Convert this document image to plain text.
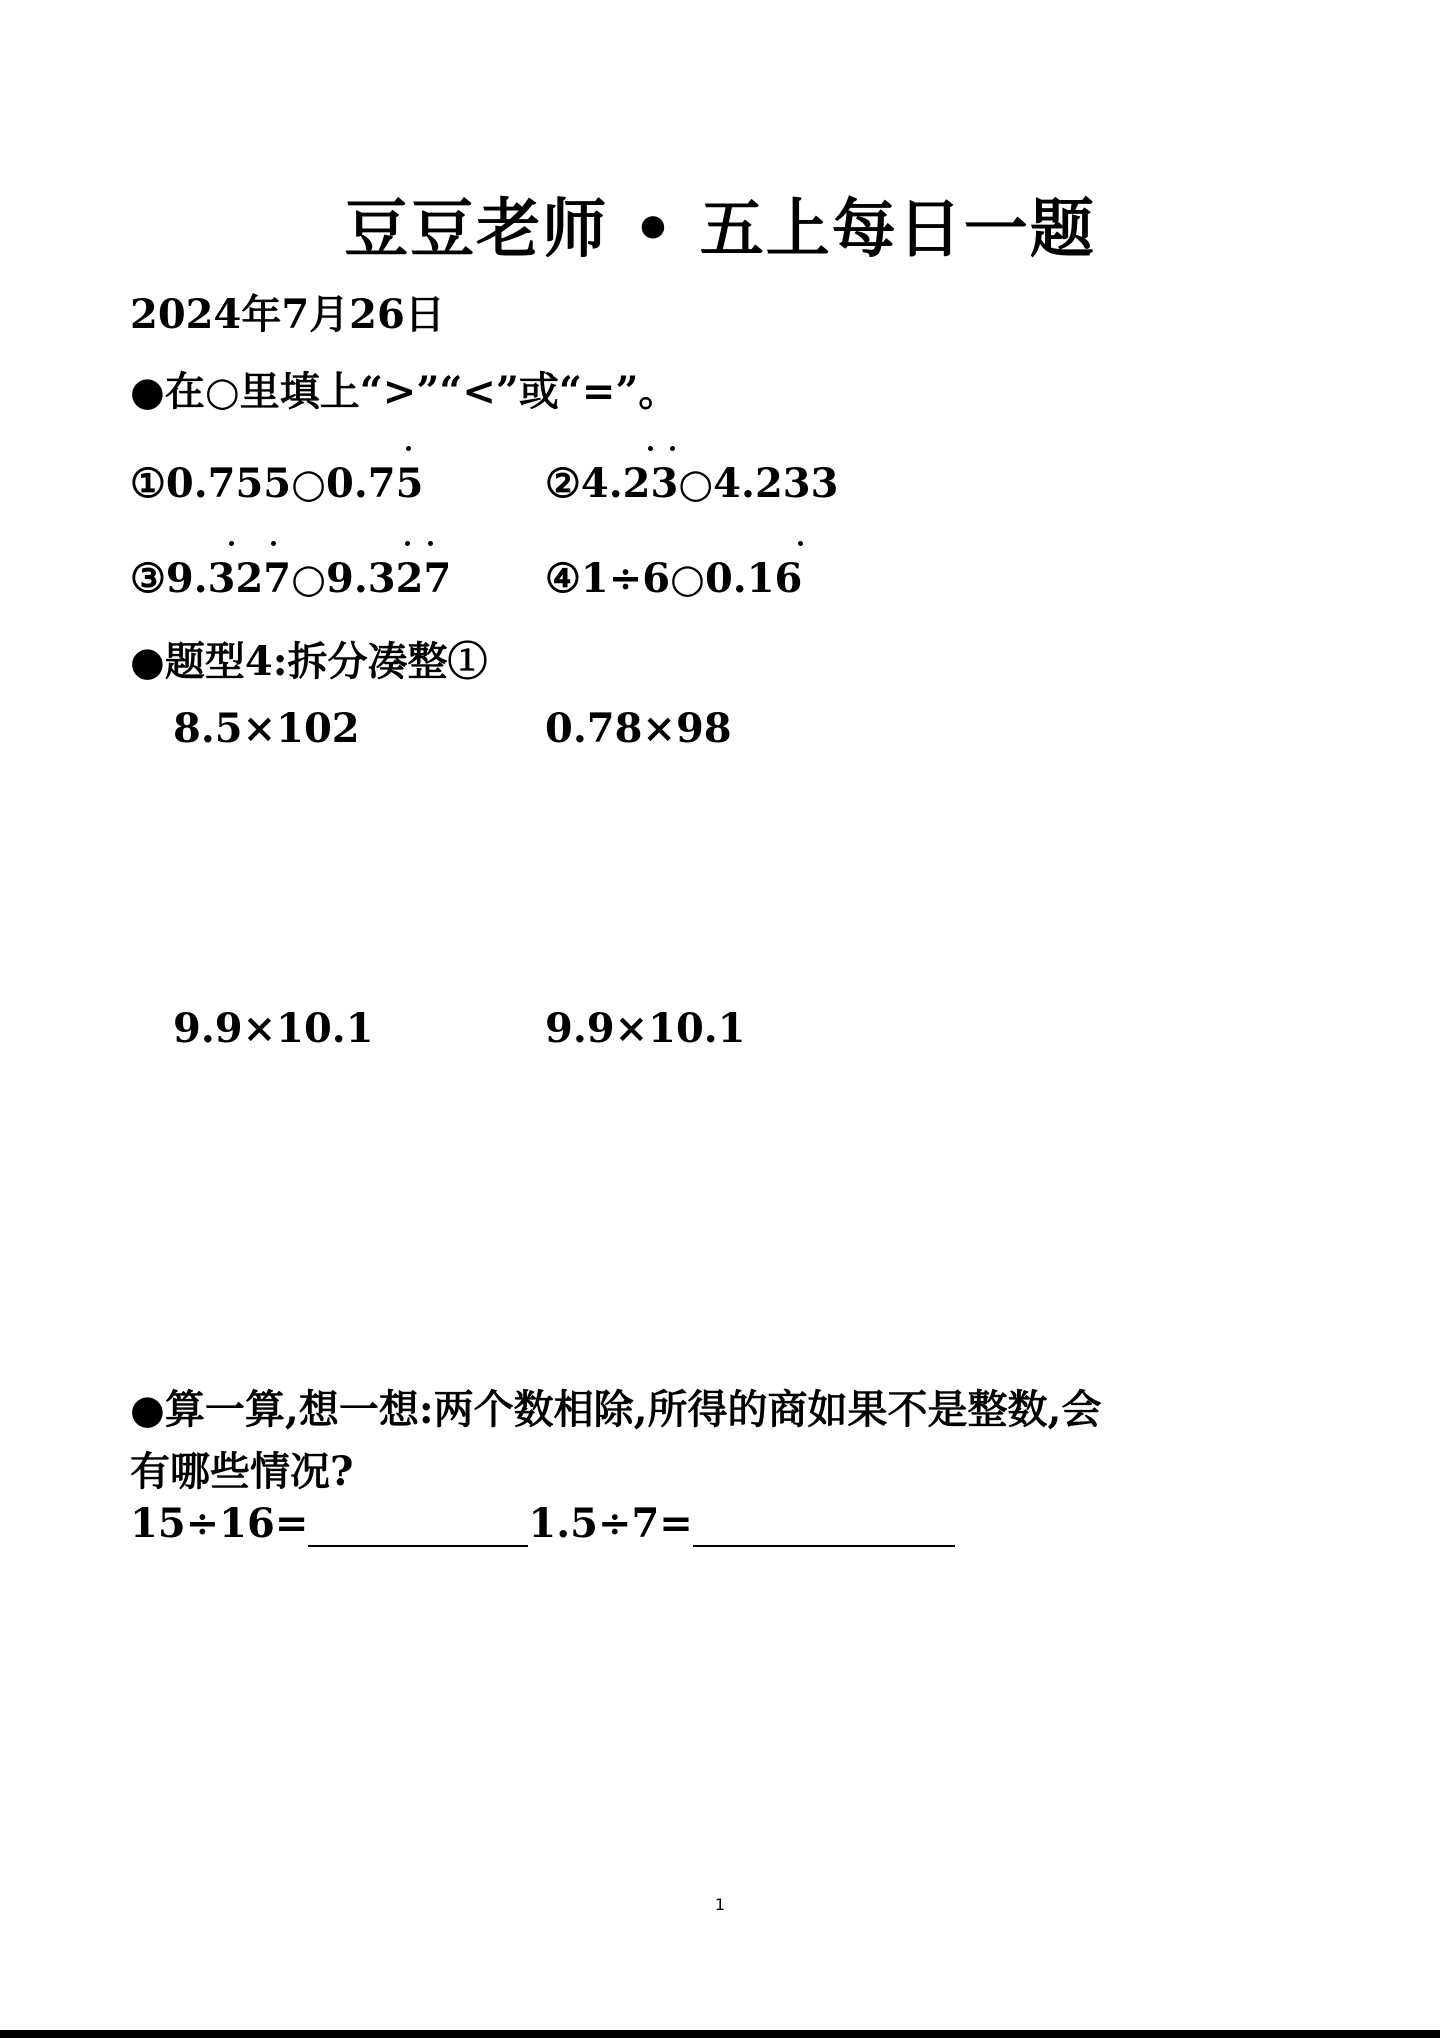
豆豆老师 • 五上每日一题
2024年7月26日
●在○里填上“>”“<”或“=”。
①0.755○0.75	②4.23○4.233
③9.327○9.327 ④1÷6○0.16
●题型4:拆分凑整①
8.5×102	0.78×98
9.9×10.1	9.9×10.1
●算一算,想一想:两个数相除,所得的商如果不是整数,会
有哪些情况?
15÷16=	1.5÷7=
1
